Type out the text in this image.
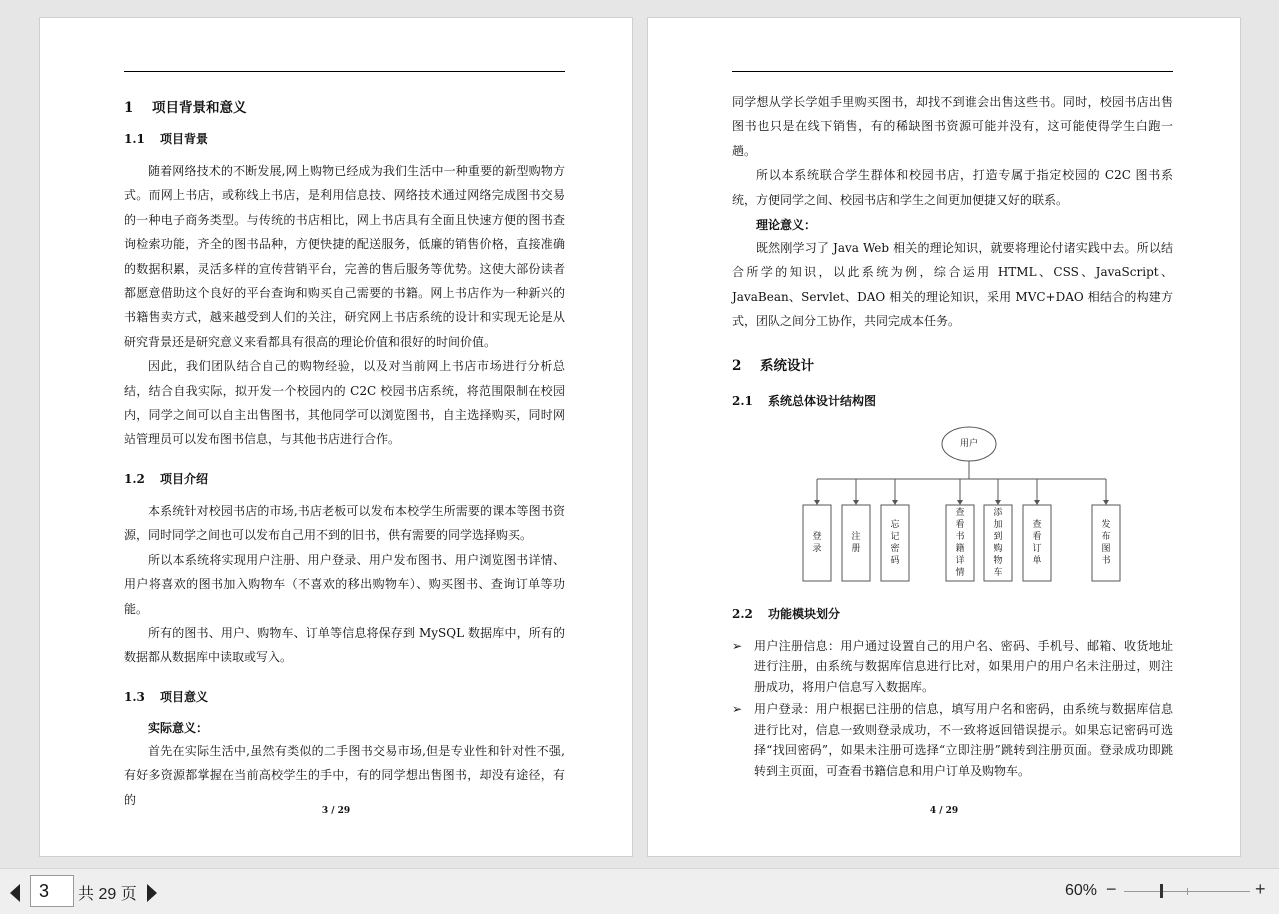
1 项目背景和意义
1.1 项目背景

随着网络技术的不断发展,网上购物已经成为我们生活中一种重要的新型购物方式。而网上书店，或称线上书店，是利用信息技、网络技术通过网络完成图书交易的一种电子商务类型。与传统的书店相比，网上书店具有全面且快速方便的图书查询检索功能，齐全的图书品种，方便快捷的配送服务，低廉的销售价格，直接准确的数据积累，灵活多样的宣传营销平台，完善的售后服务等优势。这使大部份读者都愿意借助这个良好的平台查询和购买自己需要的书籍。网上书店作为一种新兴的书籍售卖方式，越来越受到人们的关注，研究网上书店系统的设计和实现无论是从研究背景还是研究意义来看都具有很高的理论价值和很好的时间价值。

因此，我们团队结合自己的购物经验，以及对当前网上书店市场进行分析总结，结合自我实际，拟开发一个校园内的 C2C 校园书店系统，将范围限制在校园内，同学之间可以自主出售图书，其他同学可以浏览图书，自主选择购买，同时网站管理员可以发布图书信息，与其他书店进行合作。

1.2 项目介绍

本系统针对校园书店的市场,书店老板可以发布本校学生所需要的课本等图书资源，同时同学之间也可以发布自己用不到的旧书，供有需要的同学选择购买。

所以本系统将实现用户注册、用户登录、用户发布图书、用户浏览图书详情、用户将喜欢的图书加入购物车（不喜欢的移出购物车）、购买图书、查询订单等功能。

所有的图书、用户、购物车、订单等信息将保存到 MySQL 数据库中，所有的数据都从数据库中读取或写入。

1.3 项目意义
实际意义：

首先在实际生活中,虽然有类似的二手图书交易市场,但是专业性和针对性不强,有好多资源都掌握在当前高校学生的手中，有的同学想出售图书，却没有途径，有的

3 / 29

同学想从学长学姐手里购买图书，却找不到谁会出售这些书。同时，校园书店出售图书也只是在线下销售，有的稀缺图书资源可能并没有，这可能使得学生白跑一趟。

所以本系统联合学生群体和校园书店，打造专属于指定校园的 C2C 图书系统，方便同学之间、校园书店和学生之间更加便捷又好的联系。

理论意义：

既然刚学习了 Java Web 相关的理论知识，就要将理论付诸实践中去。所以结合所学的知识，以此系统为例，综合运用 HTML、CSS、JavaScript、JavaBean、Servlet、DAO 相关的理论知识，采用 MVC+DAO 相结合的构建方式，团队之间分工协作，共同完成本任务。

2 系统设计
2.1 系统总体设计结构图
用户
登
录
注
册
忘
记
密
码
查
看
书
籍
详
情
添
加
到
购
物
车
查
看
订
单
发
布
图
书
2.2 功能模块划分
➢ 用户注册信息：用户通过设置自己的用户名、密码、手机号、邮箱、收货地址进行注册，由系统与数据库信息进行比对，如果用户的用户名未注册过，则注册成功，将用户信息写入数据库。
➢ 用户登录：用户根据已注册的信息，填写用户名和密码，由系统与数据库信息进行比对，信息一致则登录成功，不一致将返回错误提示。如果忘记密码可选择“找回密码”，如果未注册可选择“立即注册”跳转到注册页面。登录成功即跳转到主页面，可查看书籍信息和用户订单及购物车。
4 / 29
3	共 29 页	60% −	+
